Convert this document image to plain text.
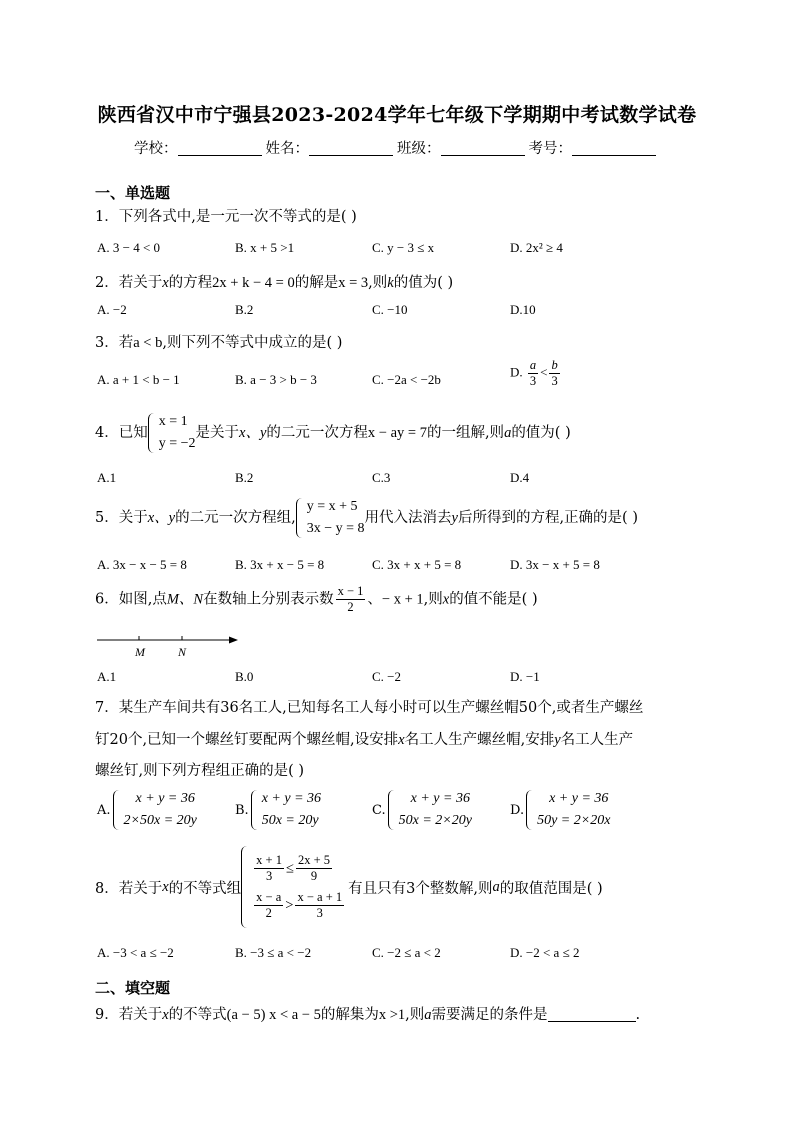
陕西省汉中市宁强县2023-2024学年七年级下学期期中考试数学试卷
学校：	姓名：	班级：	考号：
一、单选题
1．下列各式中,是一元一次不等式的是( )
A. 3 − 4 < 0	B. x + 5 >1	C. y − 3 ≤ x	D. 2x² ≥ 4
2．若关于x的方程2x + k − 4 = 0的解是x = 3,则k的值为( )
A. −2	B.2	C. −10	D.10
3．若a < b,则下列不等式中成立的是( )
A. a + 1 < b − 1	B. a − 3 > b − 3	C. −2a < −2b
D. $\frac{a}{3} < \frac{b}{3}$
4．已知
x = 1
y = −2
是关于x、y的二元一次方程x − ay = 7的一组解,则a的值为( )
A.1	B.2	C.3	D.4
5．关于x、y的二元一次方程组,
y = x + 5
3x − y = 8
用代入法消去y后所得到的方程,正确的是( )
A. 3x − x − 5 = 8	B. 3x + x − 5 = 8	C. 3x + x + 5 = 8	D. 3x − x + 5 = 8
6．如图,点M、N在数轴上分别表示数 $\frac{x - 1}{2}$ 、− x + 1,则x的值不能是( )
M	N
A.1	B.0	C. −2	D. −1
7．某生产车间共有36名工人,已知每名工人每小时可以生产螺丝帽50个,或者生产螺丝
钉20个,已知一个螺丝钉要配两个螺丝帽,设安排x名工人生产螺丝帽,安排y名工人生产
螺丝钉,则下列方程组正确的是( )
A.
x + y = 36
2×50x = 20y
B.
x + y = 36
50x = 20y
C.
x + y = 36
50x = 2×20y
D.
x + y = 36
50y = 2×20x
8．若关于 x 的不等式组
$\frac{x + 1}{3} \le \frac{2x + 5}{9}$
$\frac{x - a}{2} > \frac{x - a + 1}{3}$
有且只有3个整数解,则 a 的取值范围是( )
A. −3 < a ≤ −2	B. −3 ≤ a < −2	C. −2 ≤ a < 2	D. −2 < a ≤ 2
二、填空题
9．若关于x的不等式(a − 5) x < a − 5的解集为x >1,则a需要满足的条件是	.
